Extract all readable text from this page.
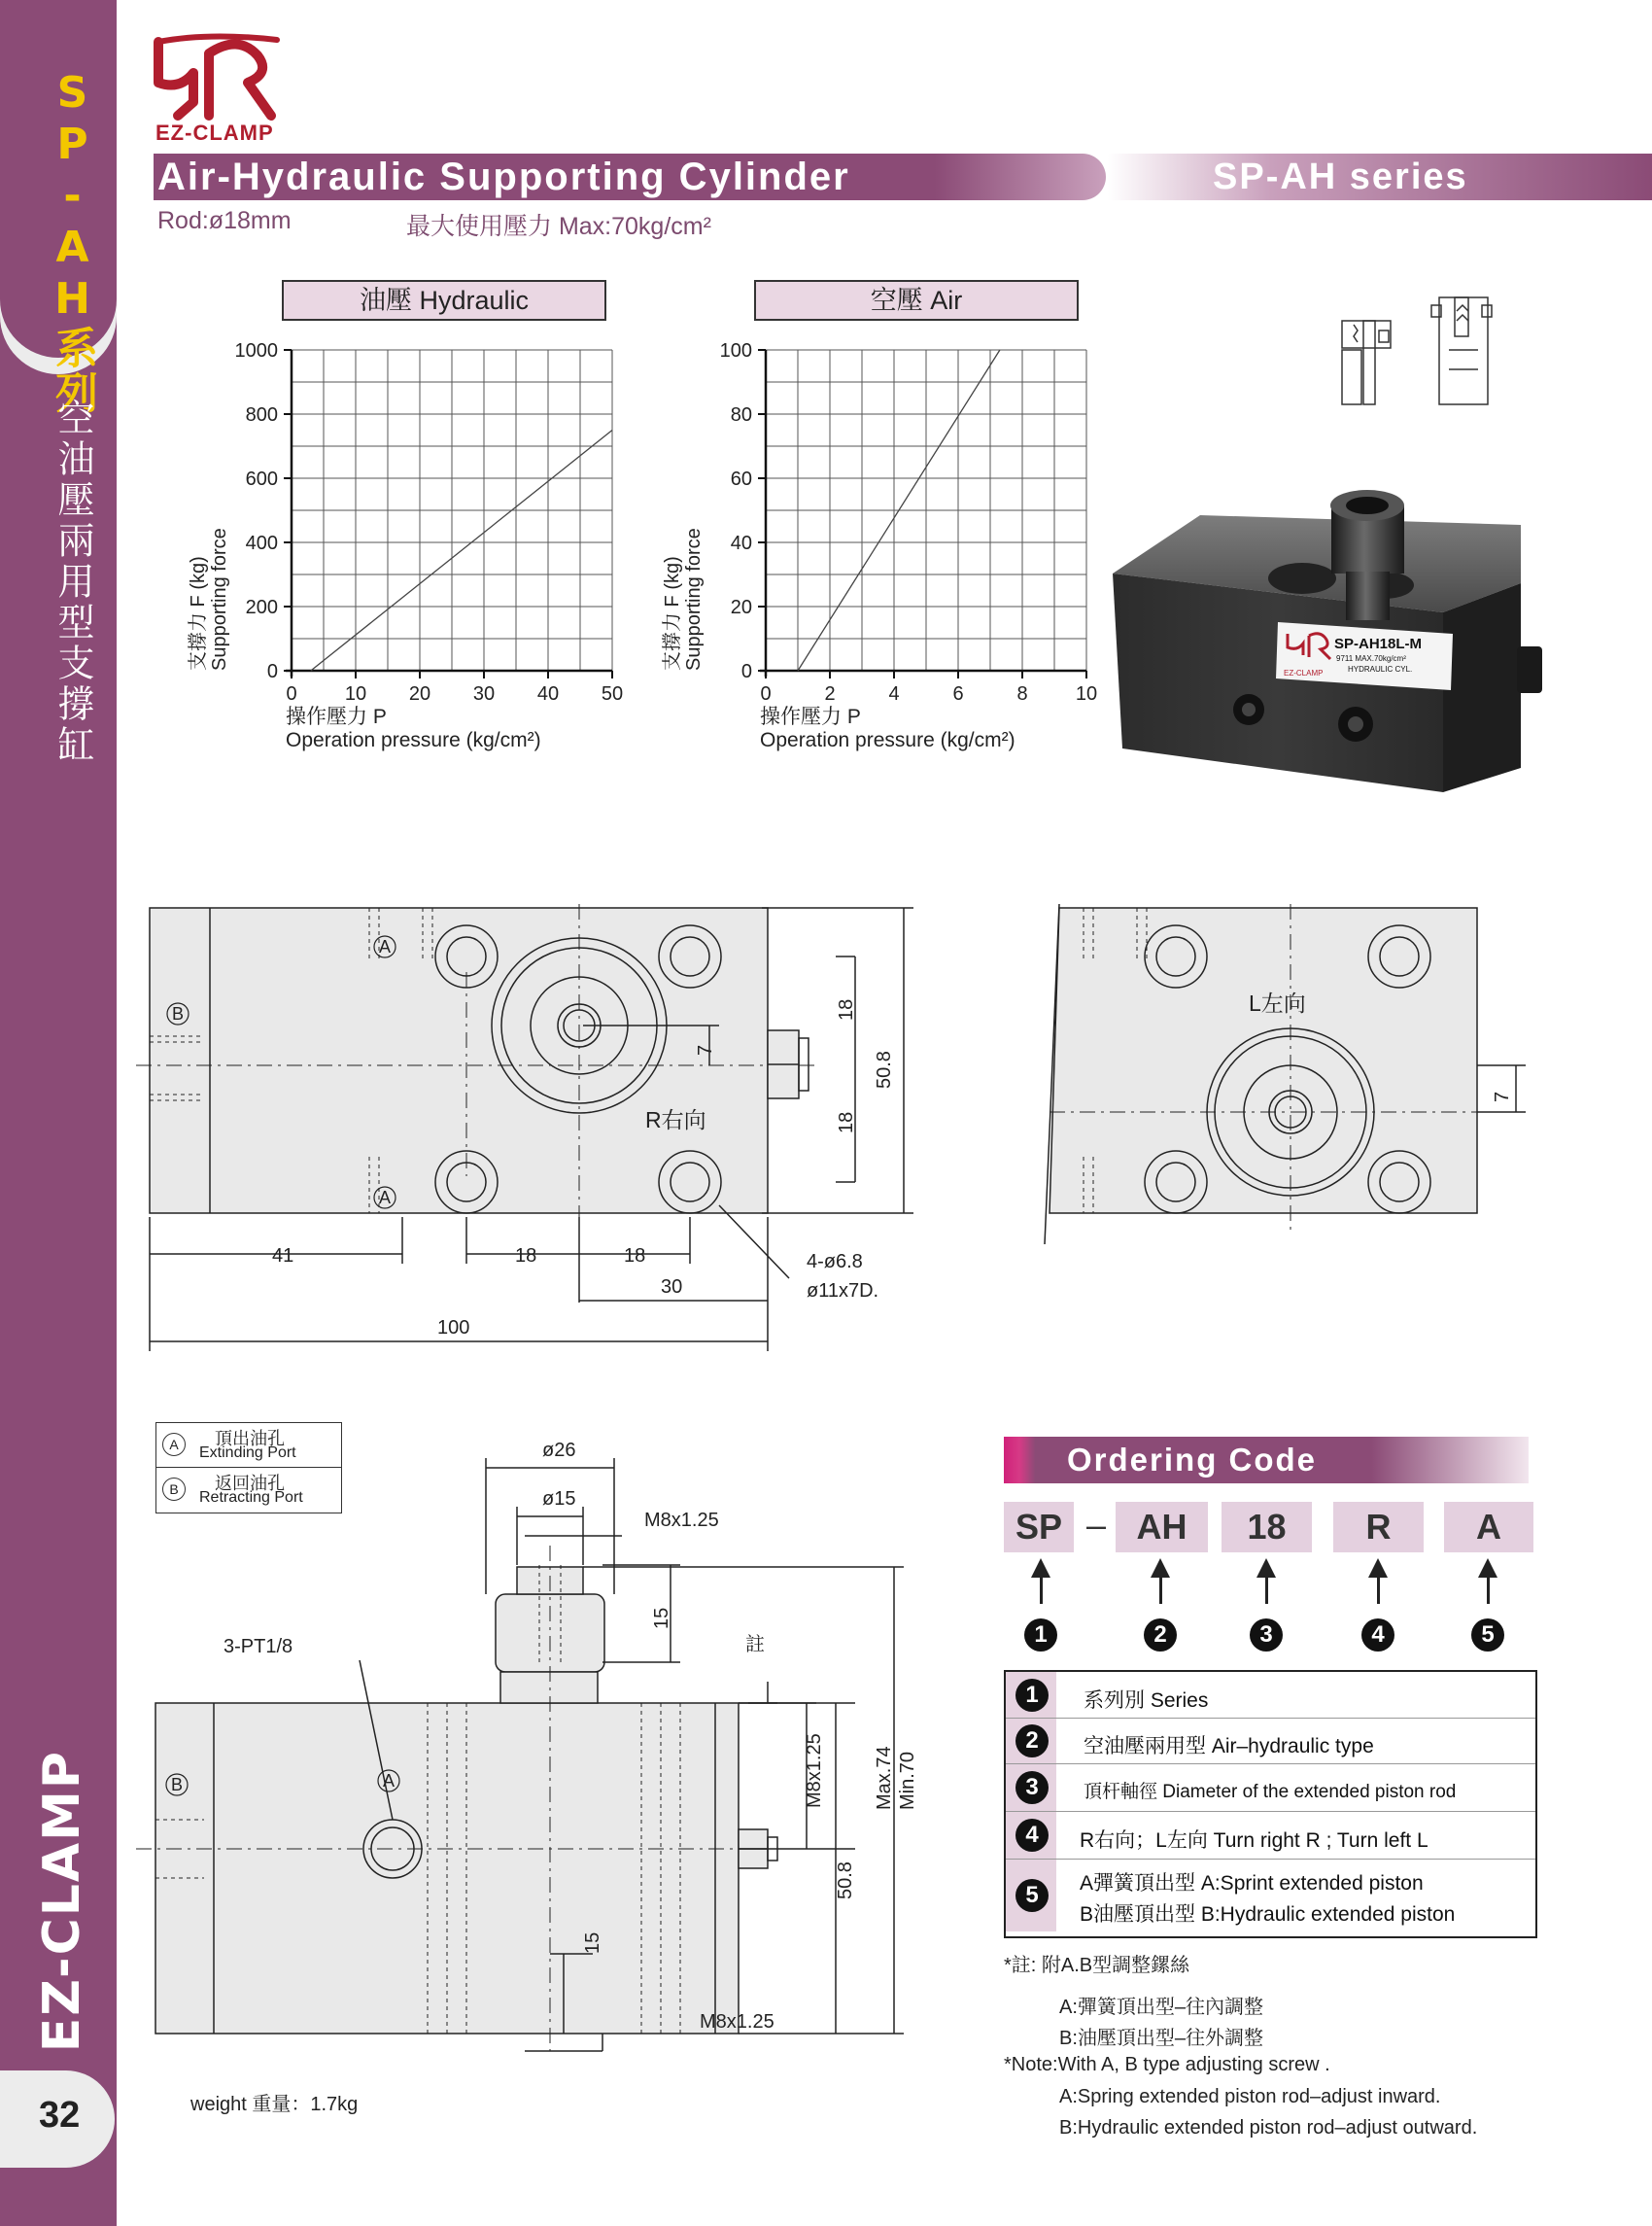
SP-AH系列
空油壓兩用型支撐缸
EZ-CLAMP
32
EZ-CLAMP
Air-Hydraulic Supporting Cylinder	SP-AH series
Rod:ø18mm	最大使用壓力 Max:70kg/cm²
油壓 Hydraulic	空壓 Air
0 10 20 30 40 50
0
200
400
600
800
1000
操作壓力 P
Operation pressure (kg/cm²)
支撐力 F (kg) Supporting force
0	2	4	6	8 10
0
20
40
60
80
100
操作壓力 P
Operation pressure (kg/cm²)
支撐力 F (kg) Supporting force	SP-AH18L-M
9711 MAX.70kg/cm²
HYDRAULIC CYL.
EZ-CLAMP
A
B
A
R右向
41	18	18
30
100
7
18
18
50.8
4-ø6.8
ø11x7D.
L左向
7
ø26
ø15
M8x1.25
15
註
3-PT1/8
A
B	M8x1.25
50.8
Max.74 Min.70
15
M8x1.25
A	頂出油孔
Extinding Port
B	返回油孔
Retracting Port
weight 重量：1.7kg
Ordering Code
SP – AH	18	R	A
1	2	3	4	5
1	系列別 Series
2	空油壓兩用型 Air–hydraulic type
3	頂杆軸徑 Diameter of the extended piston rod
4	R右向；L左向 Turn right R ; Turn left L
5	A彈簧頂出型 A:Sprint extended piston
B油壓頂出型 B:Hydraulic extended piston
*註: 附A.B型調整鏍絲
A:彈簧頂出型–往內調整
B:油壓頂出型–往外調整
*Note:With A, B type adjusting screw .
A:Spring extended piston rod–adjust inward.
B:Hydraulic extended piston rod–adjust outward.
